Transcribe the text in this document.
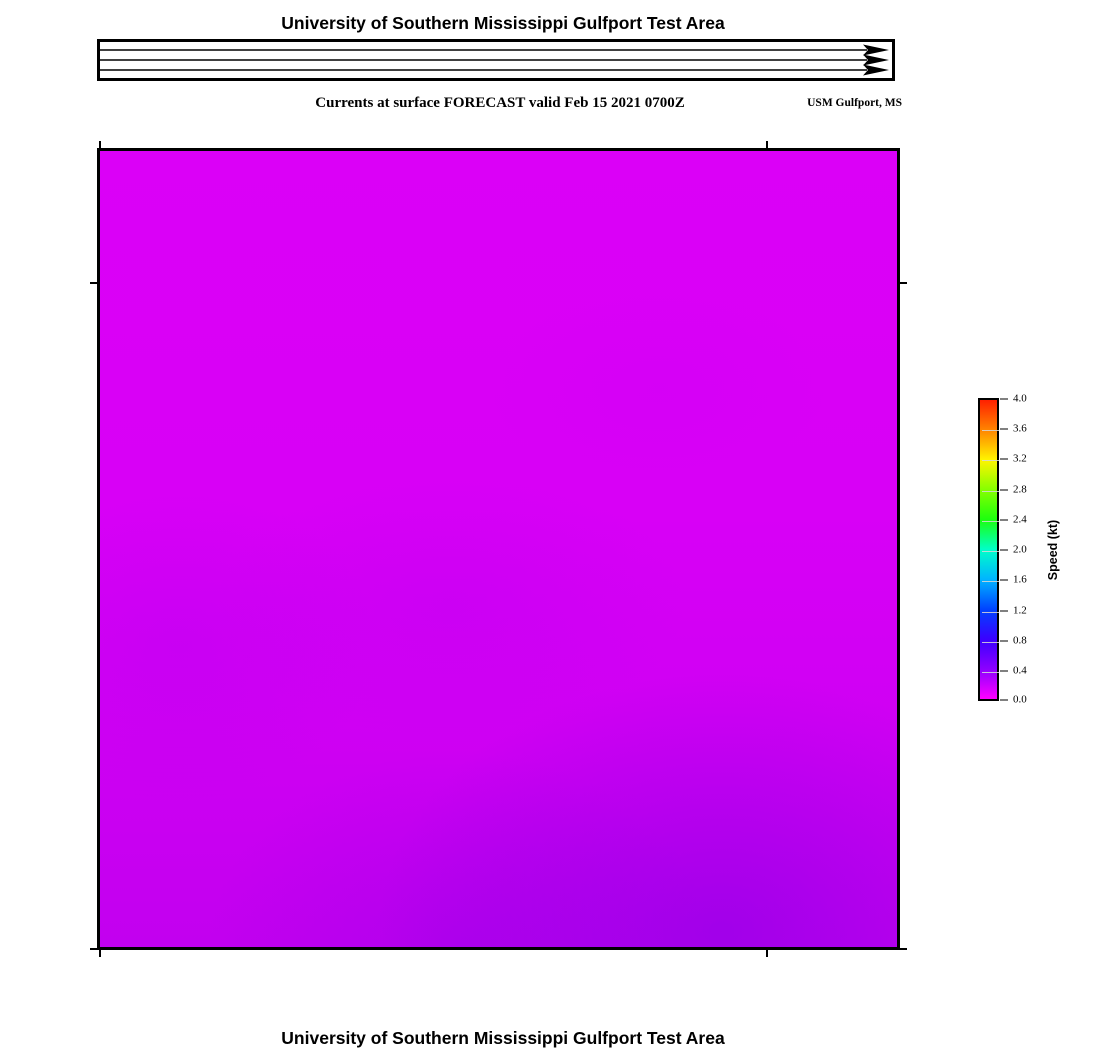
University of Southern Mississippi Gulfport Test Area
Currents at surface FORECAST valid Feb 15 2021 0700Z	USM Gulfport, MS
4.0
3.6
3.2
2.8
2.4
2.0
1.6
1.2
0.8
0.4
0.0
Speed (kt)
University of Southern Mississippi Gulfport Test Area
